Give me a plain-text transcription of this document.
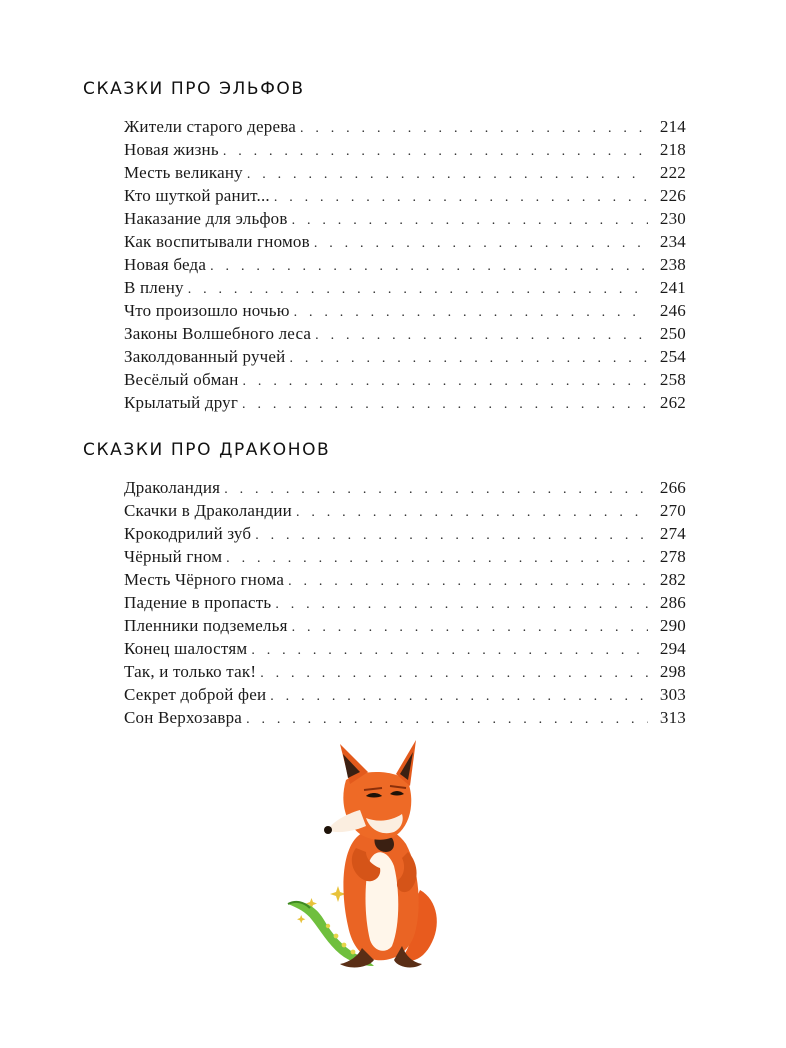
СКАЗКИ ПРО ЭЛЬФОВ
Жители старого дерева . . .	214
Новая жизнь . . .	218
Месть великану . . .	222
Кто шуткой ранит... . . .	226
Наказание для эльфов . . .	230
Как воспитывали гномов . . .	234
Новая беда . . .	238
В плену . . .	241
Что произошло ночью . . .	246
Законы Волшебного леса . . .	250
Заколдованный ручей . . .	254
Весёлый обман . . .	258
Крылатый друг . . .	262
СКАЗКИ ПРО ДРАКОНОВ
Драколандия . . .	266
Скачки в Драколандии . . .	270
Крокодрилий зуб . . .	274
Чёрный гном . . .	278
Месть Чёрного гнома . . .	282
Падение в пропасть . . .	286
Пленники подземелья . . .	290
Конец шалостям . . .	294
Так, и только так! . . .	298
Секрет доброй феи . . .	303
Сон Верхозавра . . .	313
